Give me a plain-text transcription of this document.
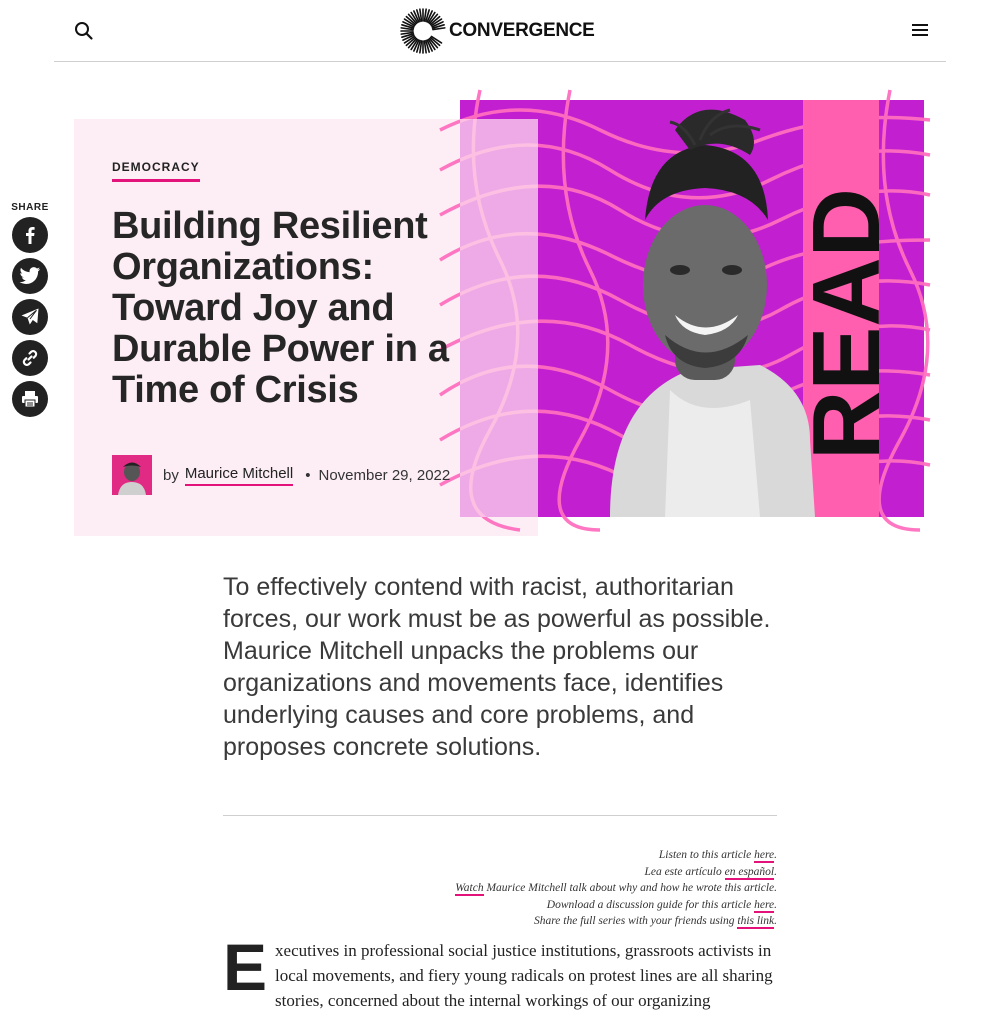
CONVERGENCE
SHARE	READ
DEMOCRACY
Building Resilient Organizations: Toward Joy and Durable Power in a Time of Crisis
by Maurice Mitchell • November 29, 2022

To effectively contend with racist, authoritarian forces, our work must be as powerful as possible. Maurice Mitchell unpacks the problems our organizations and movements face, identifies underlying causes and core problems, and proposes concrete solutions.

Listen to this article here.
Lea este artículo en español.
Watch Maurice Mitchell talk about why and how he wrote this article.
Download a discussion guide for this article here.
Share the full series with your friends using this link.
E xecutives in professional social justice institutions, grassroots activists in local movements, and fiery young radicals on protest lines are all sharing stories, concerned about the internal workings of our organizing
